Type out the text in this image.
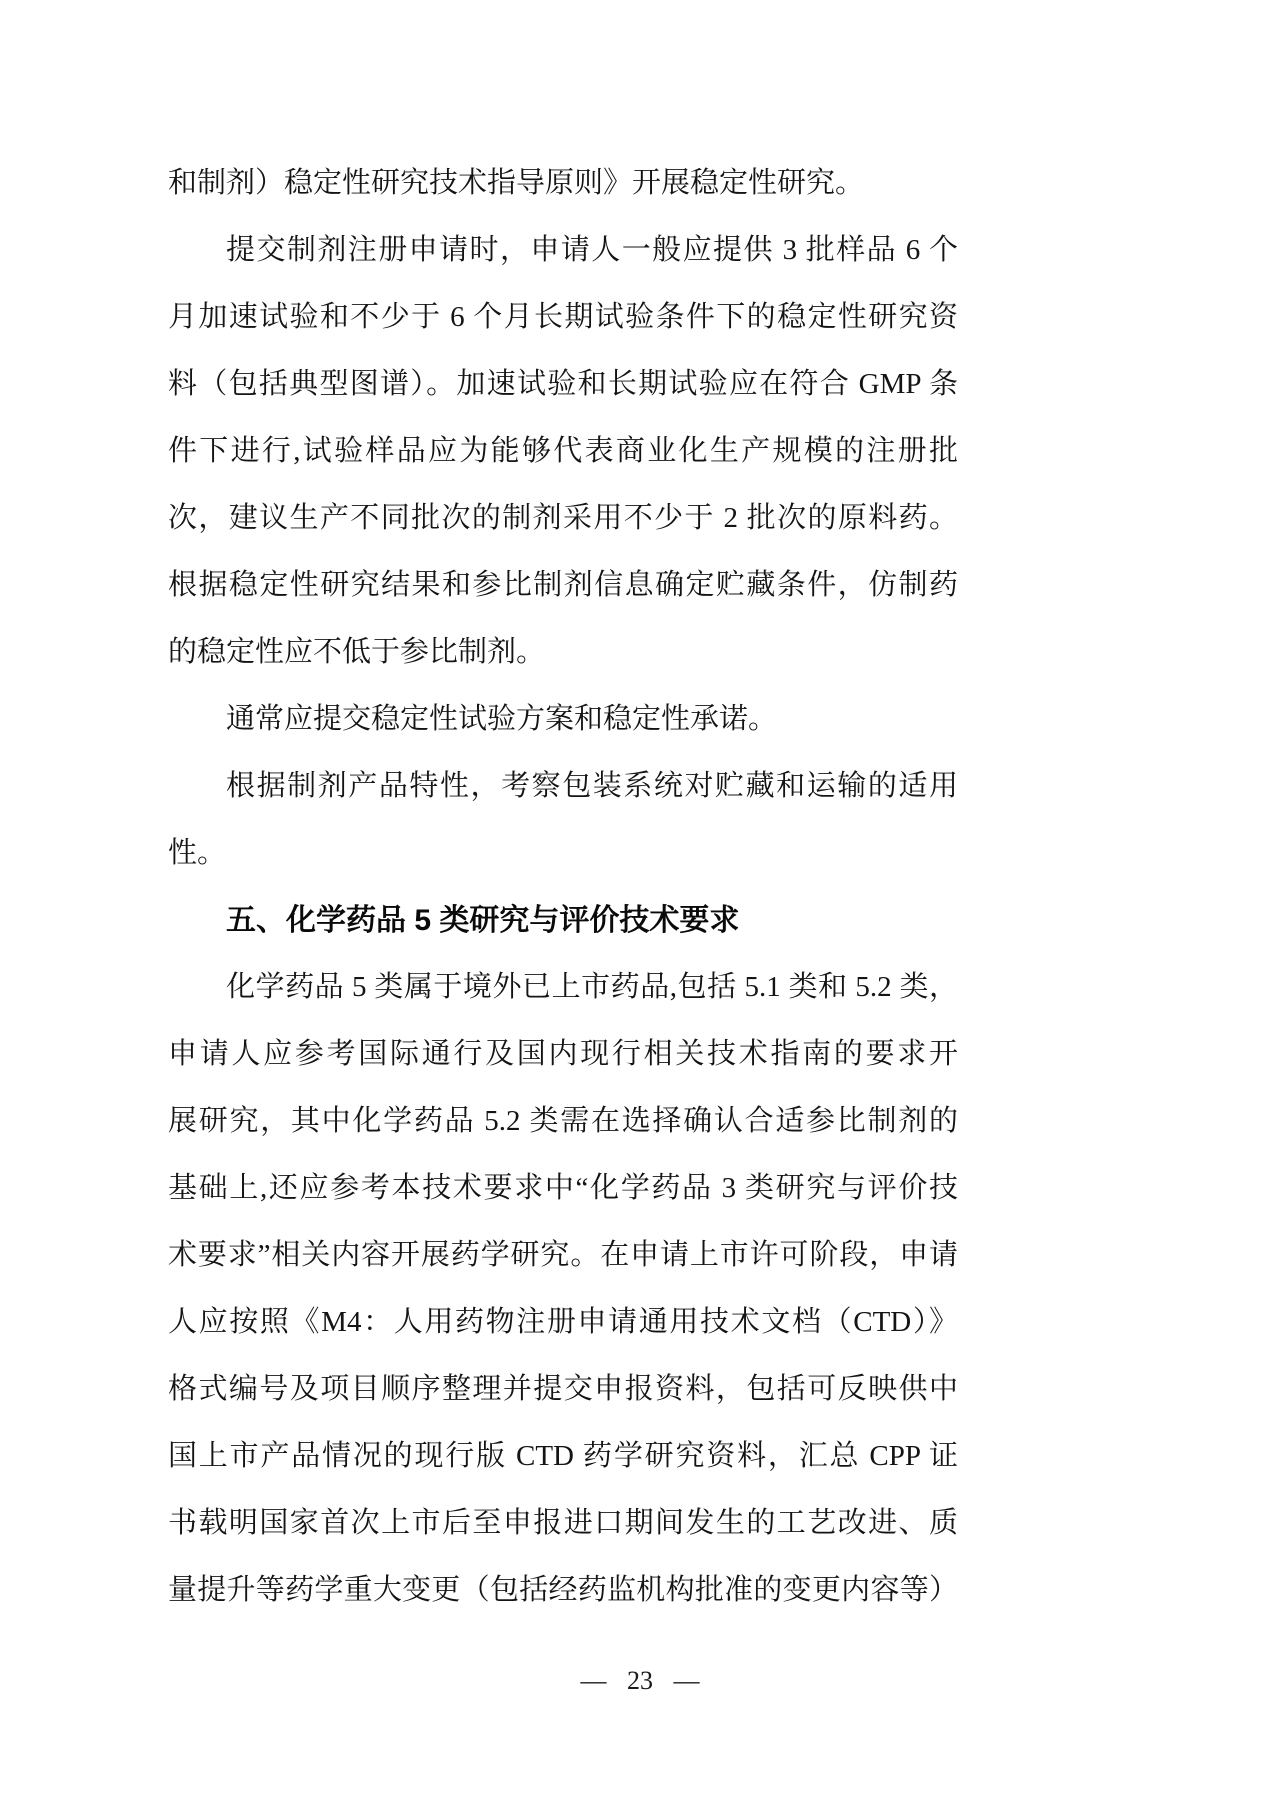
和制剂）稳定性研究技术指导原则》开展稳定性研究。
提交制剂注册申请时，申请人一般应提供 3 批样品 6 个
月加速试验和不少于 6 个月长期试验条件下的稳定性研究资
料（包括典型图谱）。加速试验和长期试验应在符合 GMP 条
件下进行,试验样品应为能够代表商业化生产规模的注册批
次，建议生产不同批次的制剂采用不少于 2 批次的原料药。
根据稳定性研究结果和参比制剂信息确定贮藏条件，仿制药
的稳定性应不低于参比制剂。
通常应提交稳定性试验方案和稳定性承诺。
根据制剂产品特性，考察包装系统对贮藏和运输的适用
性。
五、化学药品 5 类研究与评价技术要求
化学药品 5 类属于境外已上市药品,包括 5.1 类和 5.2 类，
申请人应参考国际通行及国内现行相关技术指南的要求开
展研究，其中化学药品 5.2 类需在选择确认合适参比制剂的
基础上,还应参考本技术要求中“化学药品 3 类研究与评价技
术要求”相关内容开展药学研究。在申请上市许可阶段，申请
人应按照《M4：人用药物注册申请通用技术文档（CTD）》
格式编号及项目顺序整理并提交申报资料，包括可反映供中
国上市产品情况的现行版 CTD 药学研究资料，汇总 CPP 证
书载明国家首次上市后至申报进口期间发生的工艺改进、质
量提升等药学重大变更（包括经药监机构批准的变更内容等）
— 23 —
